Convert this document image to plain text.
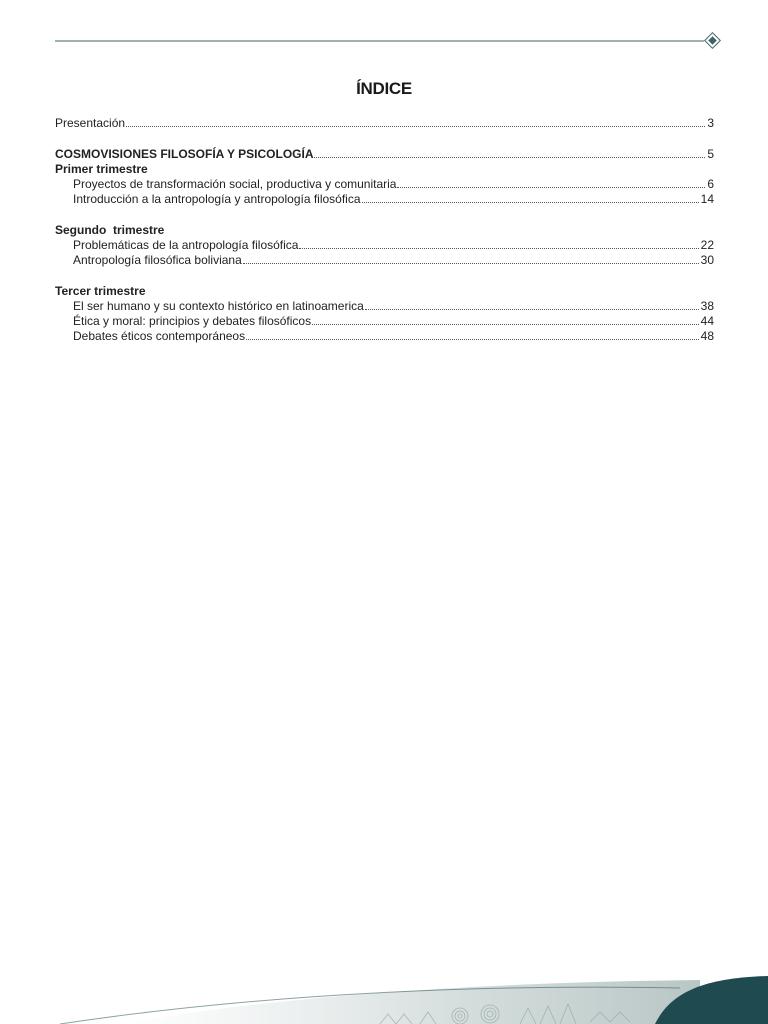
ÍNDICE
Presentación	3
COSMOVISIONES FILOSOFÍA Y PSICOLOGÍA	5
Primer trimestre
Proyectos de transformación social, productiva y comunitaria	6
Introducción a la antropología y antropología filosófica	14
Segundo  trimestre
Problemáticas de la antropología filosófica	22
Antropología filosófica boliviana	30
Tercer trimestre
El ser humano y su contexto histórico en latinoamerica	38
Ética y moral: principios y debates filosóficos	44
Debates éticos contemporáneos	48
